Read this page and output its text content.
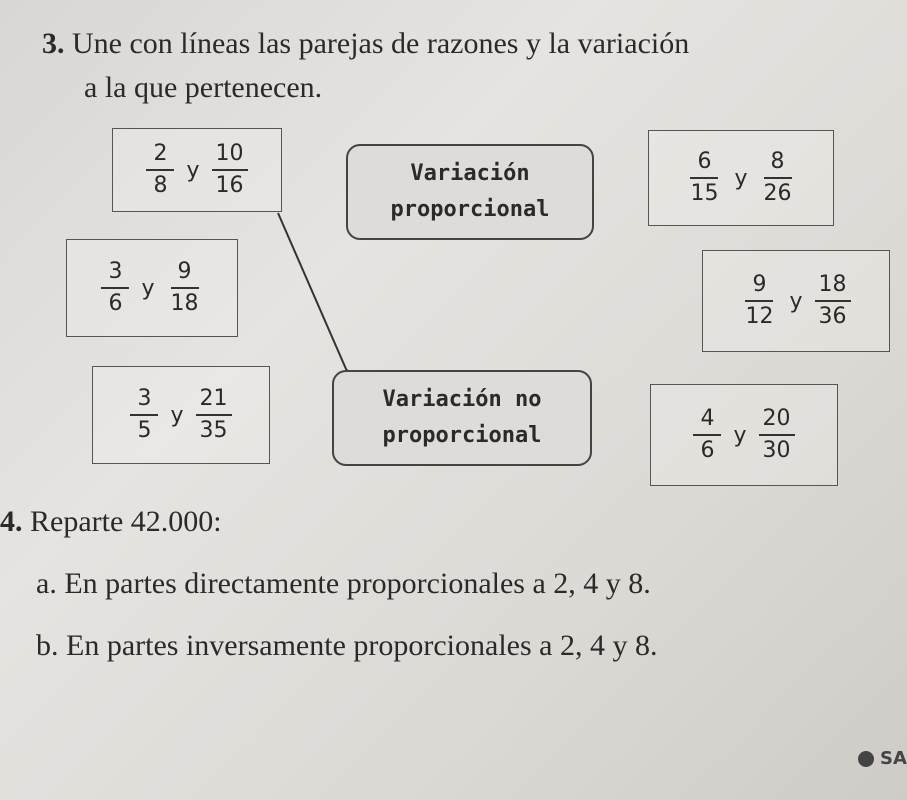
3. Une con líneas las parejas de razones y la variación
a la que pertenecen.
$\frac{2}{8}$ y $\frac{10}{16}$
$\frac{3}{6}$ y $\frac{9}{18}$
$\frac{3}{5}$ y $\frac{21}{35}$
Variación
proporcional
Variación no
proporcional
$\frac{6}{15}$ y $\frac{8}{26}$
$\frac{9}{12}$ y $\frac{18}{36}$
$\frac{4}{6}$ y $\frac{20}{30}$
4. Reparte 42.000:
a. En partes directamente proporcionales a 2, 4 y 8.
b. En partes inversamente proporcionales a 2, 4 y 8.
SA
